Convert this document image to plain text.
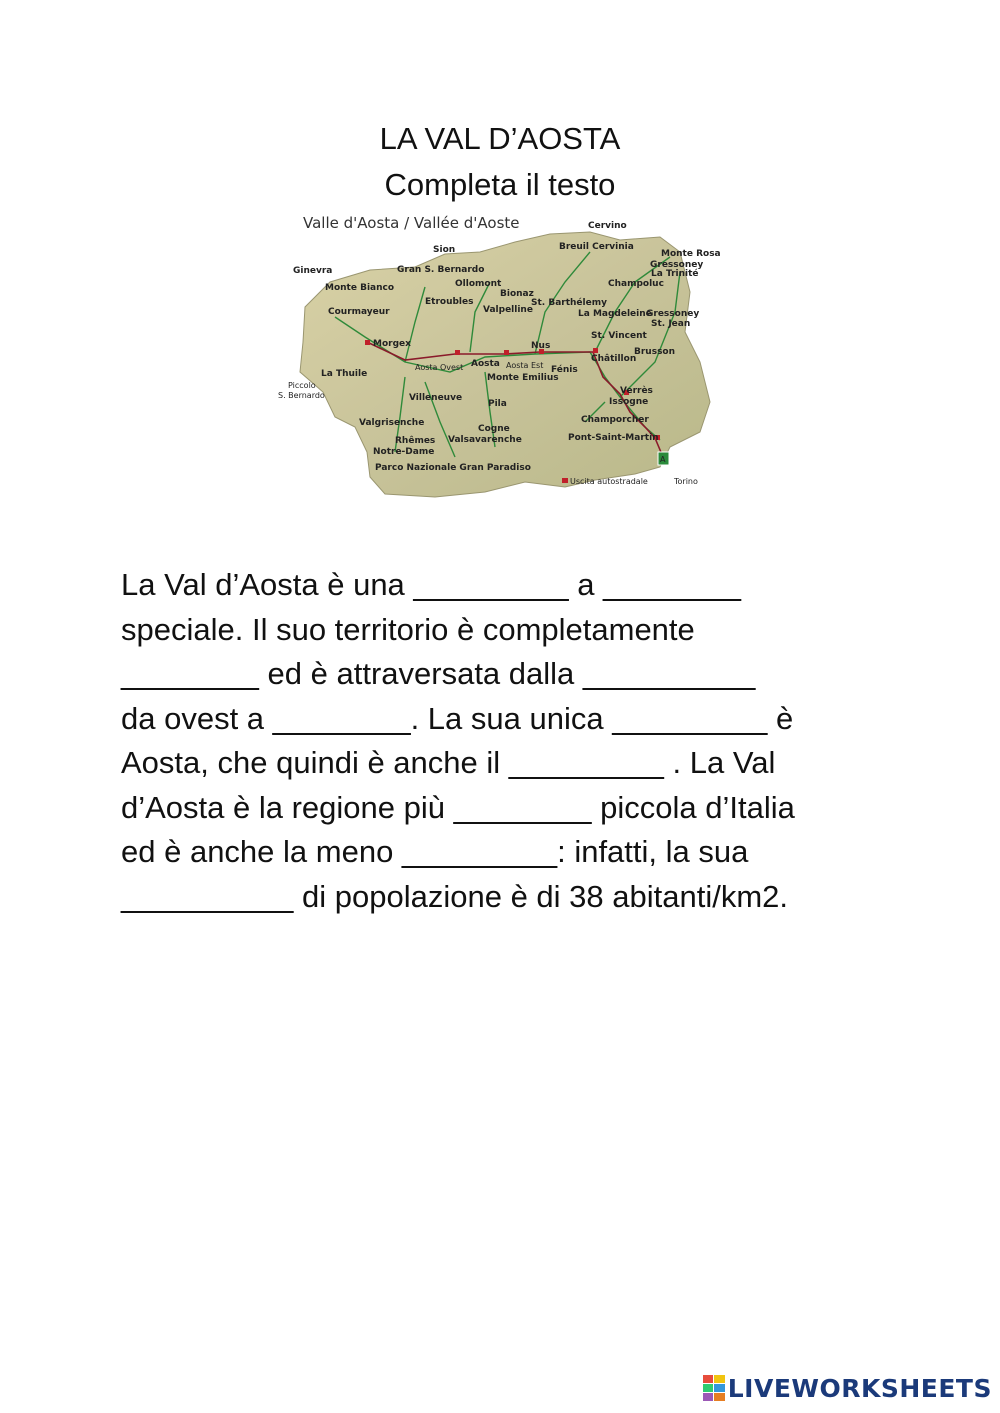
LA VAL D’AOSTA
Completa il testo
A
Valle d'Aosta / Vallée d'Aoste	Cervino
Breuil Cervinia
Sion
Gran S. Bernardo
Ginevra
Monte Bianco	Ollomont
Bionaz
Etroubles
Valpelline
St. Barthélemy
Monte Rosa
Gressoney
La Trinité
Champoluc
La Magdeleine
Gressoney
St. Jean
Courmayeur
Morgex
St. Vincent
Nus
Châtillon
Brusson
La Thuile
Aosta Ovest Aosta Aosta Est Fénis
Monte Emilius
Piccolo
S. Bernardo	Villeneuve
Pila
Verrès
Issogne
Valgrisenche
Cogne
Champorcher
Rhêmes
Notre-Dame
Valsavarenche	Pont-Saint-Martin
Parco Nazionale Gran Paradiso
Uscita autostradale	Torino
La Val d’Aosta è una _________ a ________
speciale. Il suo territorio è completamente
________ ed è attraversata dalla __________
da ovest a ________. La sua unica _________ è
Aosta, che quindi è anche il _________ . La Val
d’Aosta è la regione più ________ piccola d’Italia
ed è anche la meno _________: infatti, la sua
__________ di popolazione è di 38 abitanti/km2.
LIVEWORKSHEETS
